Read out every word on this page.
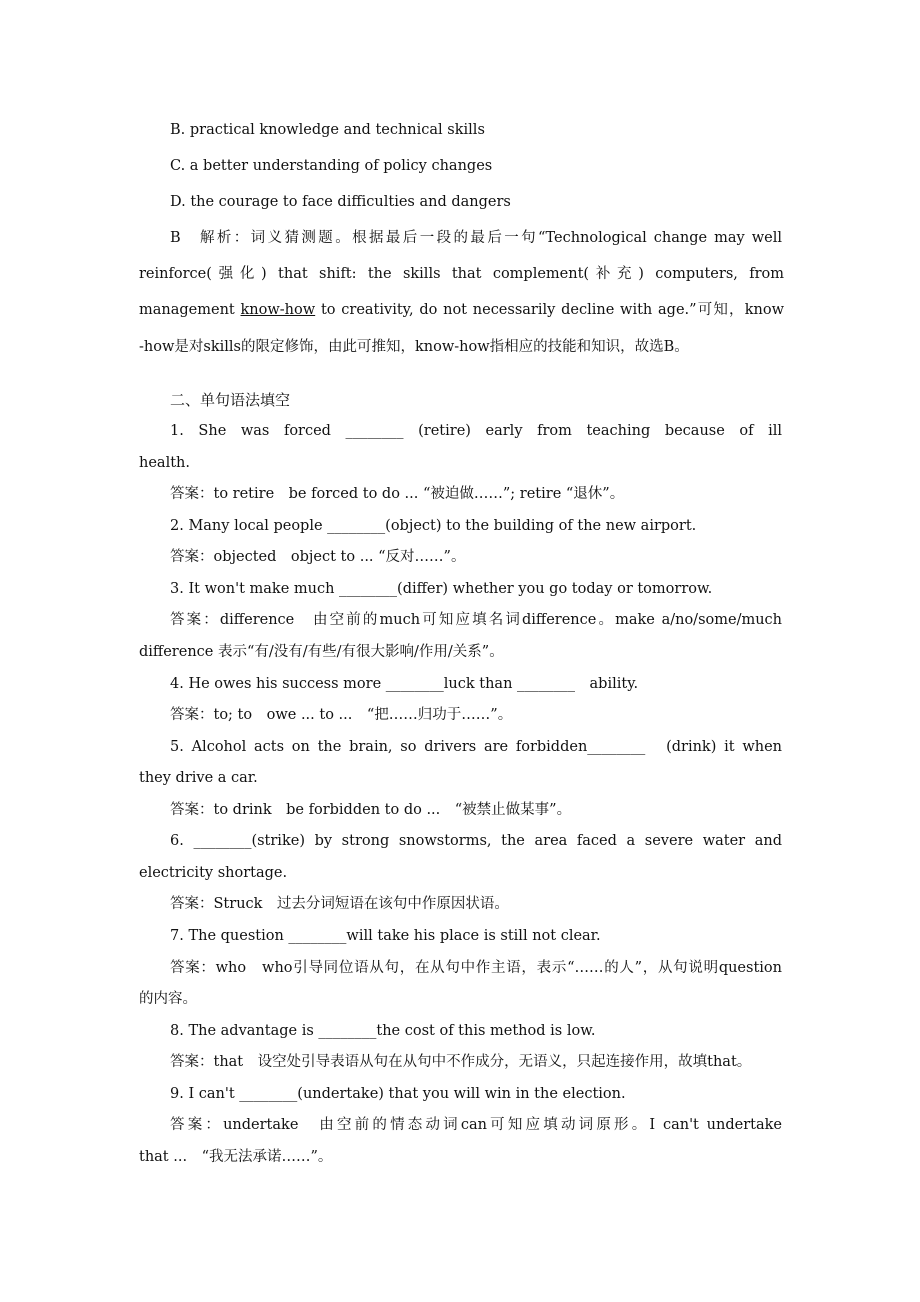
B. practical knowledge and technical skills
C. a better understanding of policy changes
D. the courage to face difficulties and dangers
B　解析：词义猜测题。根据最后一段的最后一句“Technological change may well
reinforce(强化) that shift: the skills that complement(补充) computers, from
management know-how to creativity, do not necessarily decline with age.”可知，know
-how是对skills的限定修饰，由此可推知，know-how指相应的技能和知识，故选B。
二、单句语法填空
1. She was forced ________ (retire) early from teaching because of ill
health.
答案：to retire　be forced to do ... “被迫做……”; retire “退休”。
2. Many local people ________(object) to the building of the new airport.
答案：objected　object to ... “反对……”。
3. It won't make much ________(differ) whether you go today or tomorrow.
答案：difference　由空前的much可知应填名词difference。make a/no/some/much
difference 表示“有/没有/有些/有很大影响/作用/关系”。
4. He owes his success more ________luck than ________　ability.
答案：to; to　owe ... to ...　“把……归功于……”。
5. Alcohol acts on the brain, so drivers are forbidden________　(drink) it when
they drive a car.
答案：to drink　be forbidden to do ...　“被禁止做某事”。
6. ________(strike) by strong snowstorms, the area faced a severe water and
electricity shortage.
答案：Struck　过去分词短语在该句中作原因状语。
7. The question ________will take his place is still not clear.
答案：who　who引导同位语从句，在从句中作主语，表示“……的人”，从句说明question
的内容。
8. The advantage is ________the cost of this method is low.
答案：that　设空处引导表语从句在从句中不作成分，无语义，只起连接作用，故填that。
9. I can't ________(undertake) that you will win in the election.
答案：undertake　由空前的情态动词can可知应填动词原形。I can't undertake
that ...　“我无法承诺……”。
